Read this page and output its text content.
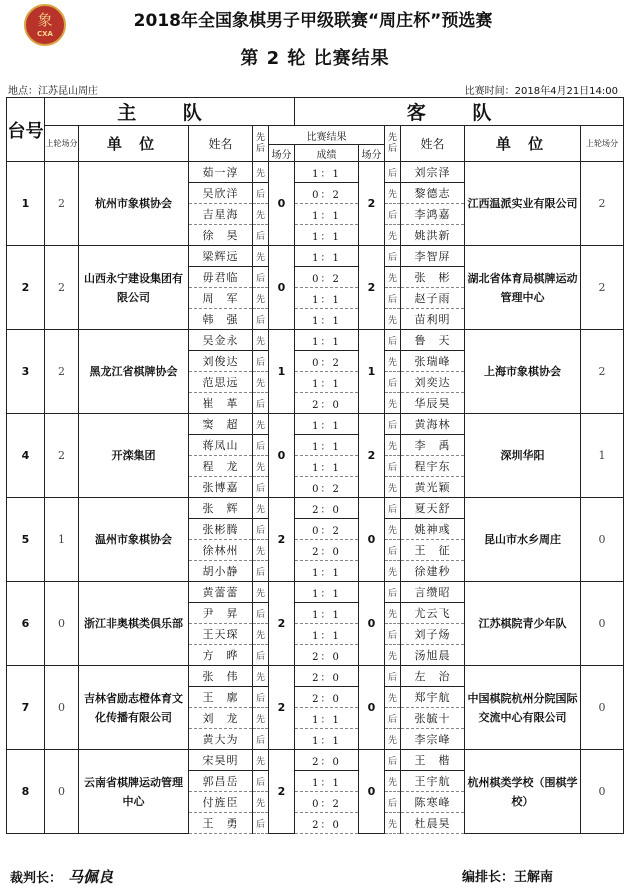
象
CXA
2018年全国象棋男子甲级联赛“周庄杯”预选赛
第 2 轮 比赛结果
地点：江苏昆山周庄	比赛时间：2018年4月21日14:00
台号	主 队					客 队					
	上轮场分	单 位	姓名	先后	比赛结果			先后	姓名	单 位	上轮场分
					场分	成绩	场分				
1	2	杭州市象棋协会	茹一淳	先	0	1：1	2	后	刘宗泽	江西温派实业有限公司	2
			吴欣洋	后		0：2		先	黎德志		
			吉星海	先		1：1		后	李鸿嘉		
			徐　昊	后		1：1		先	姚洪新		
2	2	山西永宁建设集团有限公司	梁辉远	先	0	1：1	2	后	李智屏	湖北省体育局棋牌运动管理中心	2
			毋君临	后		0：2		先	张　彬		
			周　军	先		1：1		后	赵子雨		
			韩　强	后		1：1		先	苗利明		
3	2	黑龙江省棋牌协会	吴金永	先	1	1：1	1	后	鲁　天	上海市象棋协会	2
			刘俊达	后		0：2		先	张瑞峰		
			范思远	先		1：1		后	刘奕达		
			崔　革	后		2：0		先	华辰昊		
4	2	开滦集团	窦　超	先	0	1：1	2	后	黄海林	深圳华阳	1
			蒋凤山	后		1：1		先	李　禹		
			程　龙	先		1：1		后	程宇东		
			张博嘉	后		0：2		先	黄光颖		
5	1	温州市象棋协会	张　辉	先	2	2：0	0	后	夏天舒	昆山市水乡周庄	0
			张彬腾	后		0：2		先	姚神彧		
			徐林州	先		2：0		后	王　征		
			胡小静	后		1：1		先	徐建秒		
6	0	浙江非奥棋类俱乐部	黄蕾蕾	先	2	1：1	0	后	言缵昭	江苏棋院青少年队	0
			尹　昇	后		1：1		先	尤云飞		
			王天琛	先		1：1		后	刘子炀		
			方　晔	后		2：0		先	汤旭晨		
7	0	吉林省励志橙体育文化传播有限公司	张　伟	先	2	2：0	0	后	左　治	中国棋院杭州分院国际交流中心有限公司	0
			王　廓	后		2：0		先	郑宇航		
			刘　龙	先		1：1		后	张毓十		
			黄大为	后		1：1		先	李宗峰		
8	0	云南省棋牌运动管理中心	宋昊明	先	2	2：0	0	后	王　楷	杭州棋类学校（围棋学校）	0
			郭昌岳	后		1：1		先	王宇航		
			付旌臣	先		0：2		后	陈寒峰		
			王　勇	后		2：0		先	杜晨昊		
裁判长： 马佩良	编排长：王解南
